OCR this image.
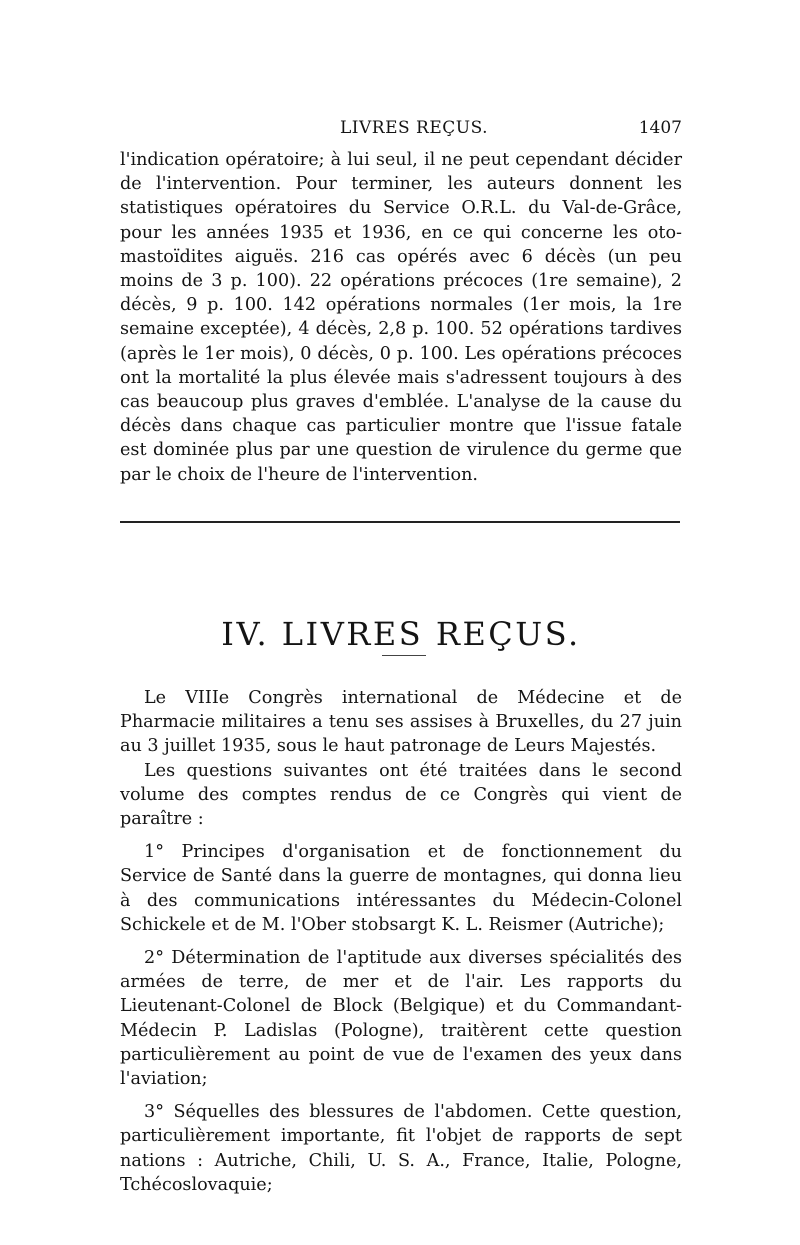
LIVRES REÇUS.	1407

l'indication opératoire; à lui seul, il ne peut cependant décider de l'intervention. Pour terminer, les auteurs donnent les statistiques opératoires du Service O.R.L. du Val-de-Grâce, pour les années 1935 et 1936, en ce qui concerne les oto-mastoïdites aiguës. 216 cas opérés avec 6 décès (un peu moins de 3 p. 100). 22 opérations précoces (1re semaine), 2 décès, 9 p. 100. 142 opérations normales (1er mois, la 1re semaine exceptée), 4 décès, 2,8 p. 100. 52 opérations tardives (après le 1er mois), 0 décès, 0 p. 100. Les opérations précoces ont la mortalité la plus élevée mais s'adressent toujours à des cas beaucoup plus graves d'emblée. L'analyse de la cause du décès dans chaque cas particulier montre que l'issue fatale est dominée plus par une question de virulence du germe que par le choix de l'heure de l'intervention.

IV. LIVRES REÇUS.

Le VIIIe Congrès international de Médecine et de Pharmacie militaires a tenu ses assises à Bruxelles, du 27 juin au 3 juillet 1935, sous le haut patronage de Leurs Majestés.

Les questions suivantes ont été traitées dans le second volume des comptes rendus de ce Congrès qui vient de paraître :

1° Principes d'organisation et de fonctionnement du Service de Santé dans la guerre de montagnes, qui donna lieu à des communications intéressantes du Médecin-Colonel Schickele et de M. l'Ober stobsargt K. L. Reismer (Autriche);

2° Détermination de l'aptitude aux diverses spécialités des armées de terre, de mer et de l'air. Les rapports du Lieutenant-Colonel de Block (Belgique) et du Commandant-Médecin P. Ladislas (Pologne), traitèrent cette question particulièrement au point de vue de l'examen des yeux dans l'aviation;

3° Séquelles des blessures de l'abdomen. Cette question, particulièrement importante, fit l'objet de rapports de sept nations : Autriche, Chili, U. S. A., France, Italie, Pologne, Tchécoslovaquie;
